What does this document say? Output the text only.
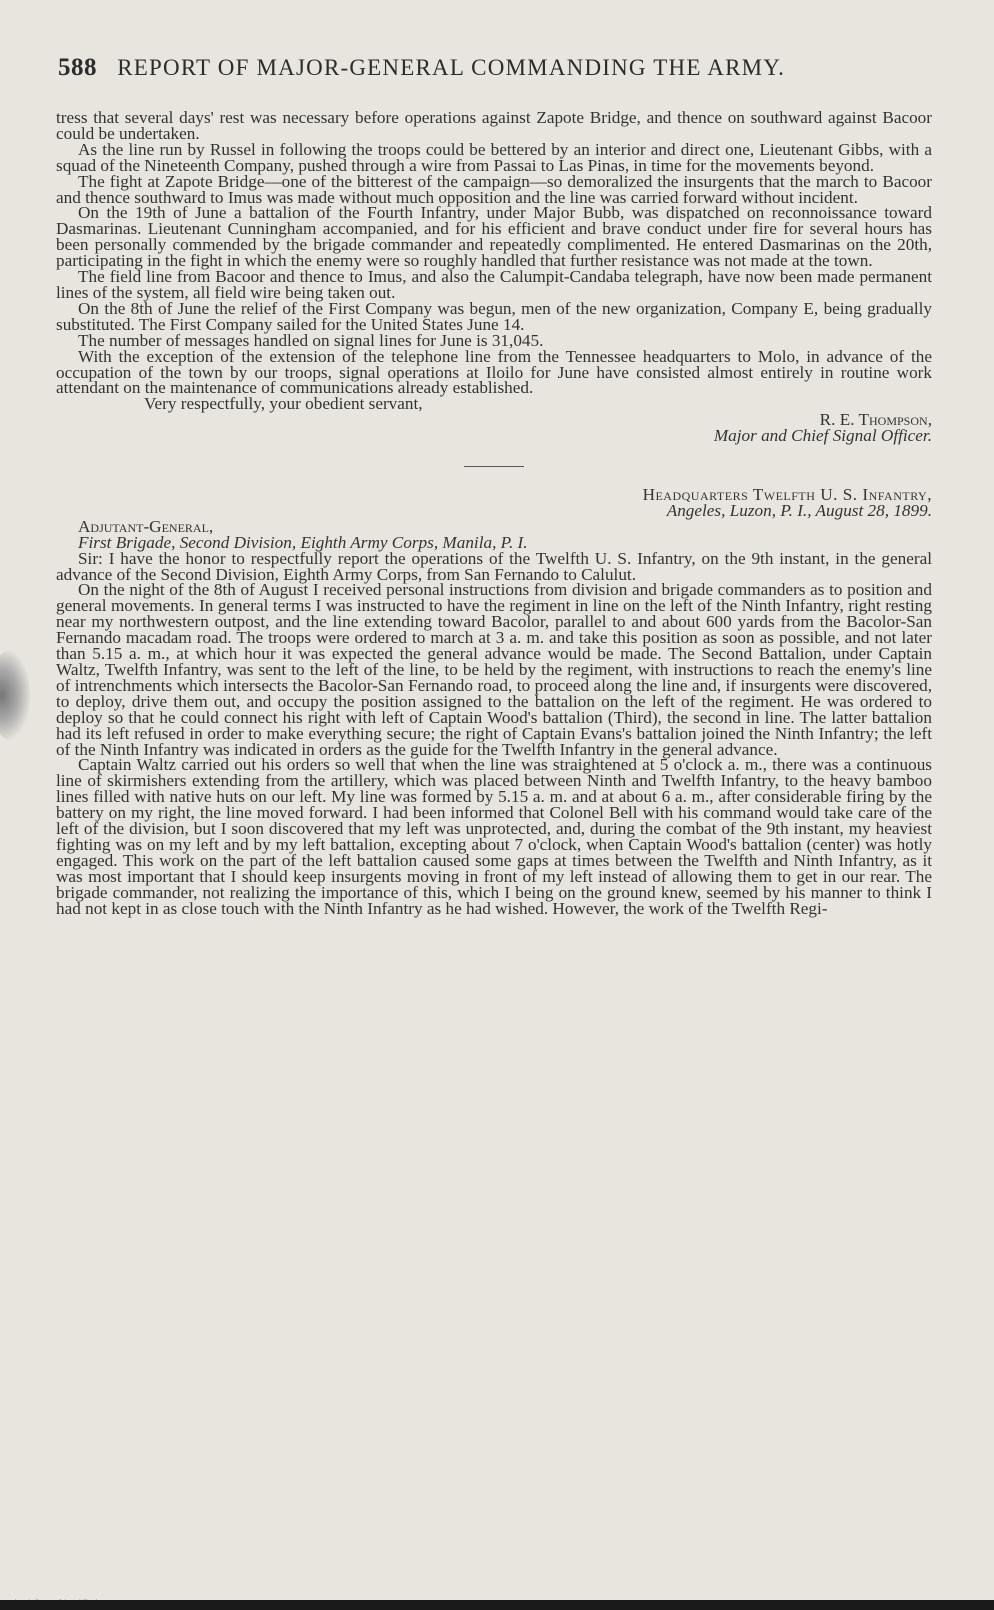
588 REPORT OF MAJOR-GENERAL COMMANDING THE ARMY.

tress that several days' rest was necessary before operations against Zapote Bridge, and thence on southward against Bacoor could be undertaken.

As the line run by Russel in following the troops could be bettered by an interior and direct one, Lieutenant Gibbs, with a squad of the Nineteenth Company, pushed through a wire from Passai to Las Pinas, in time for the movements beyond.

The fight at Zapote Bridge—one of the bitterest of the campaign—so demoralized the insurgents that the march to Bacoor and thence southward to Imus was made without much opposition and the line was carried forward without incident.

On the 19th of June a battalion of the Fourth Infantry, under Major Bubb, was dispatched on reconnoissance toward Dasmarinas. Lieutenant Cunningham accompanied, and for his efficient and brave conduct under fire for several hours has been personally commended by the brigade commander and repeatedly complimented. He entered Dasmarinas on the 20th, participating in the fight in which the enemy were so roughly handled that further resistance was not made at the town.

The field line from Bacoor and thence to Imus, and also the Calumpit-Candaba telegraph, have now been made permanent lines of the system, all field wire being taken out.

On the 8th of June the relief of the First Company was begun, men of the new organization, Company E, being gradually substituted. The First Company sailed for the United States June 14.

The number of messages handled on signal lines for June is 31,045.

With the exception of the extension of the telephone line from the Tennessee headquarters to Molo, in advance of the occupation of the town by our troops, signal operations at Iloilo for June have consisted almost entirely in routine work attendant on the maintenance of communications already established.

Very respectfully, your obedient servant,

R. E. Thompson,

Major and Chief Signal Officer.

Headquarters Twelfth U. S. Infantry,

Angeles, Luzon, P. I., August 28, 1899.

Adjutant-General,

First Brigade, Second Division, Eighth Army Corps, Manila, P. I.

Sir: I have the honor to respectfully report the operations of the Twelfth U. S. Infantry, on the 9th instant, in the general advance of the Second Division, Eighth Army Corps, from San Fernando to Calulut.

On the night of the 8th of August I received personal instructions from division and brigade commanders as to position and general movements. In general terms I was instructed to have the regiment in line on the left of the Ninth Infantry, right resting near my northwestern outpost, and the line extending toward Bacolor, parallel to and about 600 yards from the Bacolor-San Fernando macadam road. The troops were ordered to march at 3 a. m. and take this position as soon as possible, and not later than 5.15 a. m., at which hour it was expected the general advance would be made. The Second Battalion, under Captain Waltz, Twelfth Infantry, was sent to the left of the line, to be held by the regiment, with instructions to reach the enemy's line of intrenchments which intersects the Bacolor-San Fernando road, to proceed along the line and, if insurgents were discovered, to deploy, drive them out, and occupy the position assigned to the battalion on the left of the regiment. He was ordered to deploy so that he could connect his right with left of Captain Wood's battalion (Third), the second in line. The latter battalion had its left refused in order to make everything secure; the right of Captain Evans's battalion joined the Ninth Infantry; the left of the Ninth Infantry was indicated in orders as the guide for the Twelfth Infantry in the general advance.

Captain Waltz carried out his orders so well that when the line was straightened at 5 o'clock a. m., there was a continuous line of skirmishers extending from the artillery, which was placed between Ninth and Twelfth Infantry, to the heavy bamboo lines filled with native huts on our left. My line was formed by 5.15 a. m. and at about 6 a. m., after considerable firing by the battery on my right, the line moved forward. I had been informed that Colonel Bell with his command would take care of the left of the division, but I soon discovered that my left was unprotected, and, during the combat of the 9th instant, my heaviest fighting was on my left and by my left battalion, excepting about 7 o'clock, when Captain Wood's battalion (center) was hotly engaged. This work on the part of the left battalion caused some gaps at times between the Twelfth and Ninth Infantry, as it was most important that I should keep insurgents moving in front of my left instead of allowing them to get in our rear. The brigade commander, not realizing the importance of this, which I being on the ground knew, seemed by his manner to think I had not kept in as close touch with the Ninth Infantry as he had wished. However, the work of the Twelfth Regi-
